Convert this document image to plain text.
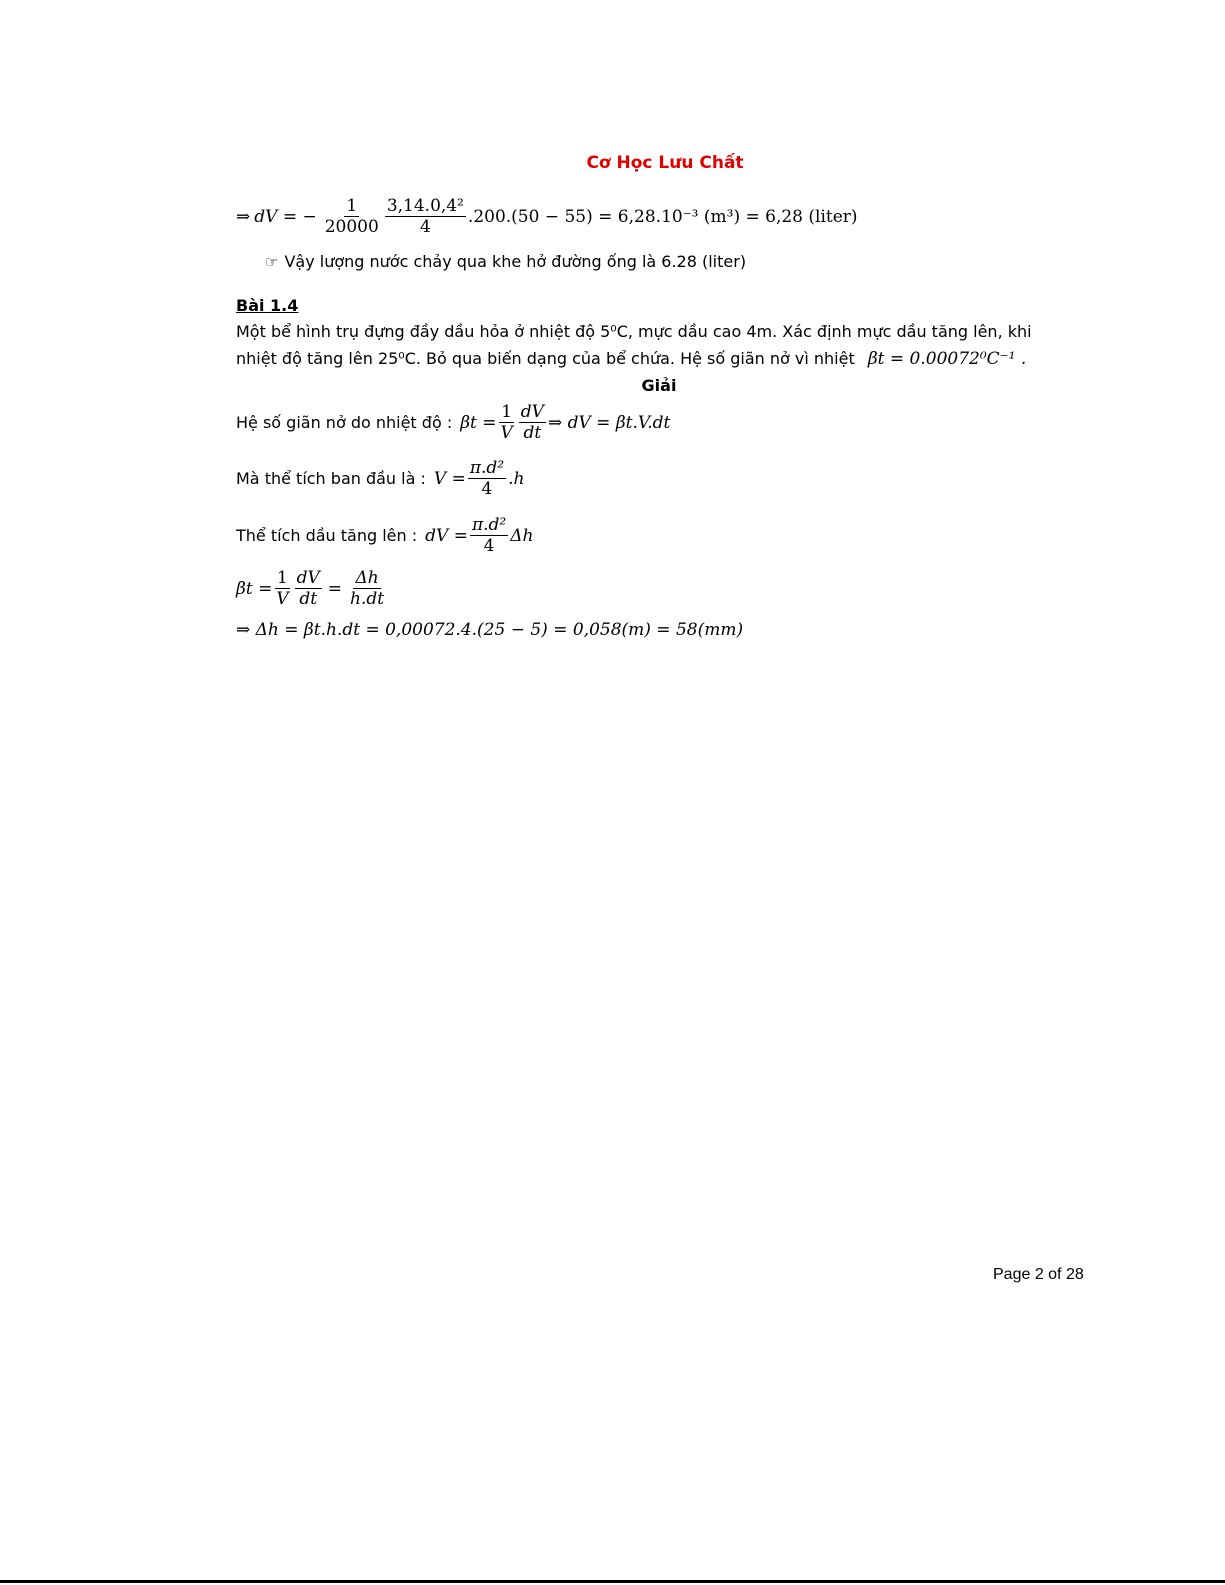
Cơ Học Lưu Chất
⇒ dV = − $\frac{1}{20000} \frac{\text{3,14.0,4²}}{4} .200.(50 - 55) = 6,28.10^{-3}$ (m³) = 6,28 (liter)
☞ Vậy lượng nước chảy qua khe hở đường ống là 6.28 (liter)
Bài 1.4
Một bể hình trụ đựng đầy dầu hỏa ở nhiệt độ 5⁰C, mực dầu cao 4m. Xác định mực dầu tăng lên, khi
nhiệt độ tăng lên 25⁰C. Bỏ qua biến dạng của bể chứa. Hệ số giãn nở vì nhiệt βt = 0.00072⁰C⁻¹ .
Giải
Hệ số giãn nở do nhiệt độ : $\beta t = \frac{1}{V} \frac{dV}{dt}$ ⇒ dV = βt.V.dt
Mà thể tích ban đầu là : $V = \frac{\text{π.d²}}{4} .h$
Thể tích dầu tăng lên : dV = $\frac{\text{π.d²}}{4}$ Δh
$\beta t = \frac{1}{V} \frac{dV}{dt} = \frac{\Delta h}{h.dt}$
⇒ Δh = βt.h.dt = 0,00072.4.(25 − 5) = 0,058(m) = 58(mm)
Page 2 of 28
